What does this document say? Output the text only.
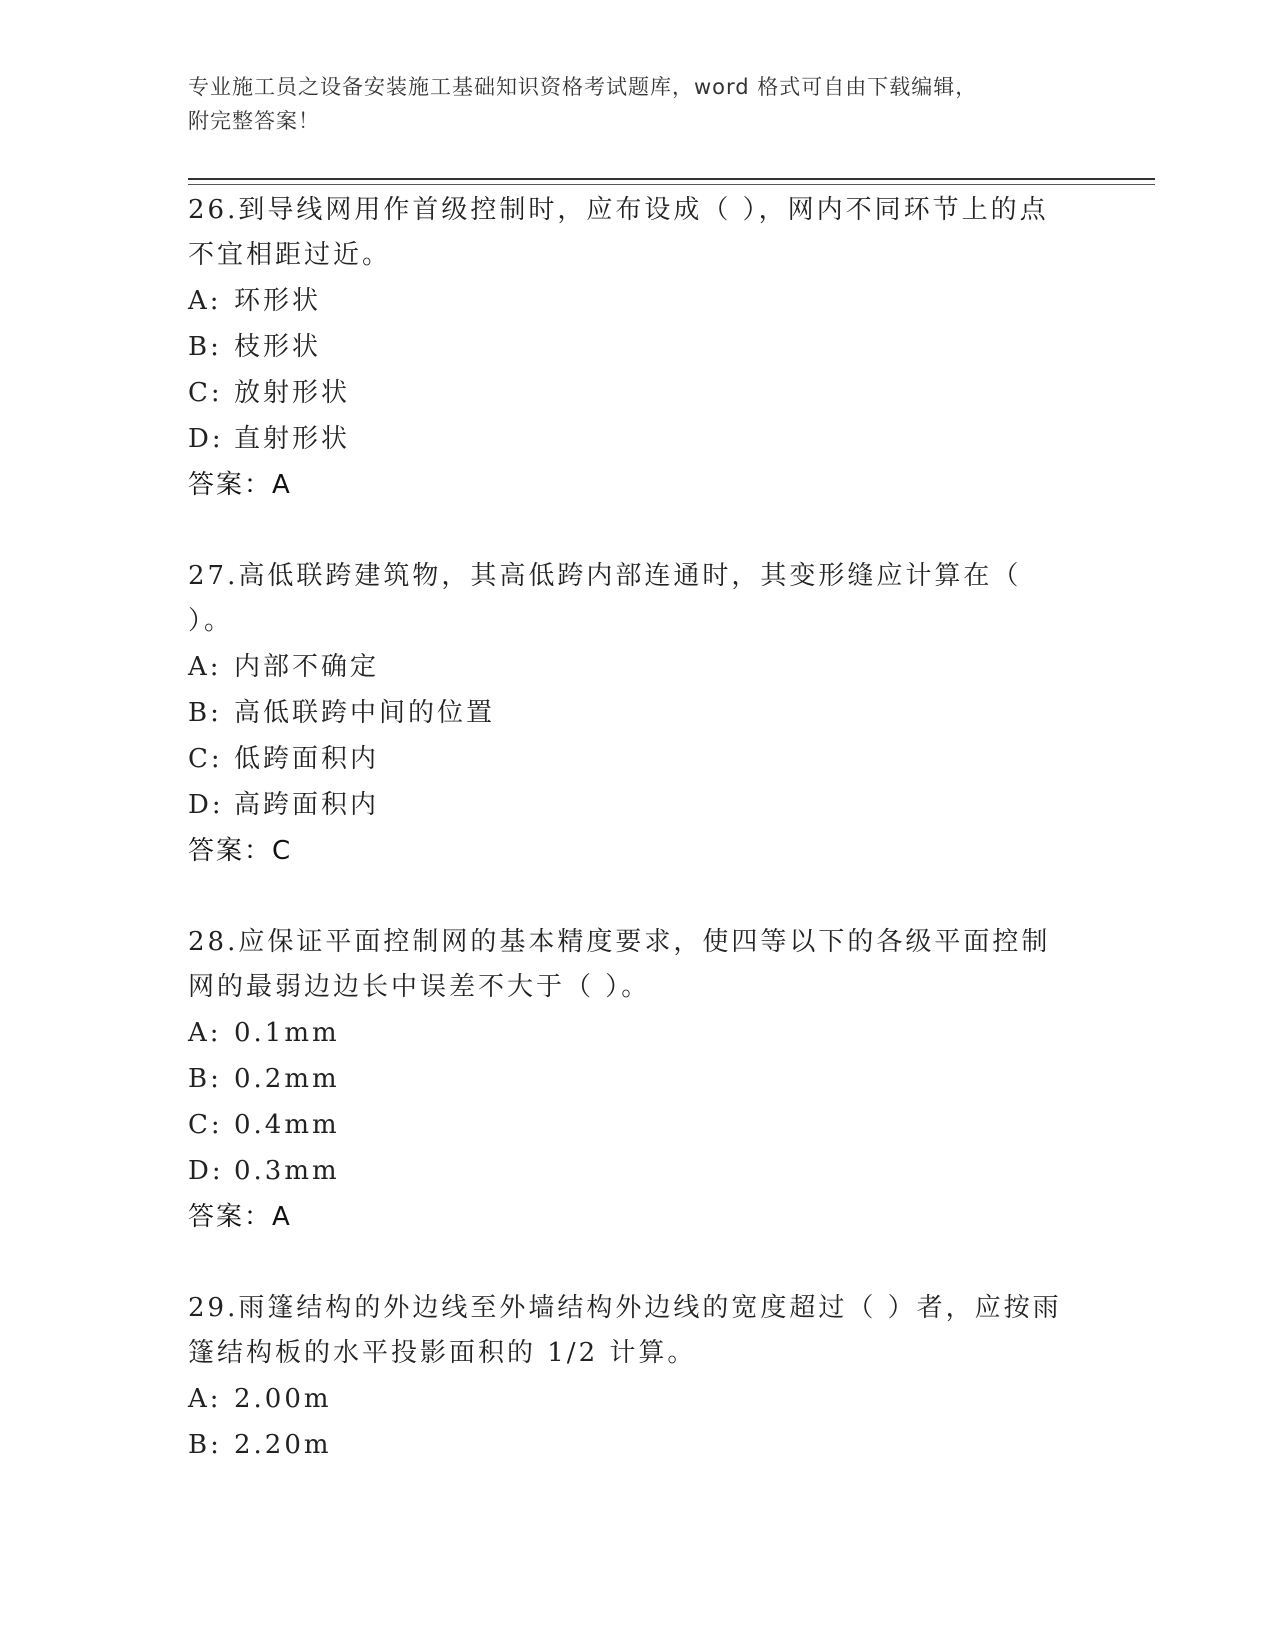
专业施工员之设备安装施工基础知识资格考试题库，word 格式可自由下载编辑，
附完整答案！

26.到导线网用作首级控制时，应布设成（ ），网内不同环节上的点不宜相距过近。

A: 环形状
B: 枝形状
C: 放射形状
D: 直射形状
答案：A

27.高低联跨建筑物，其高低跨内部连通时，其变形缝应计算在（ ）。

A: 内部不确定
B: 高低联跨中间的位置
C: 低跨面积内
D: 高跨面积内
答案：C

28.应保证平面控制网的基本精度要求，使四等以下的各级平面控制网的最弱边边长中误差不大于（ ）。

A: 0.1mm
B: 0.2mm
C: 0.4mm
D: 0.3mm
答案：A

29.雨篷结构的外边线至外墙结构外边线的宽度超过（ ）者，应按雨篷结构板的水平投影面积的 1/2 计算。

A: 2.00m
B: 2.20m
